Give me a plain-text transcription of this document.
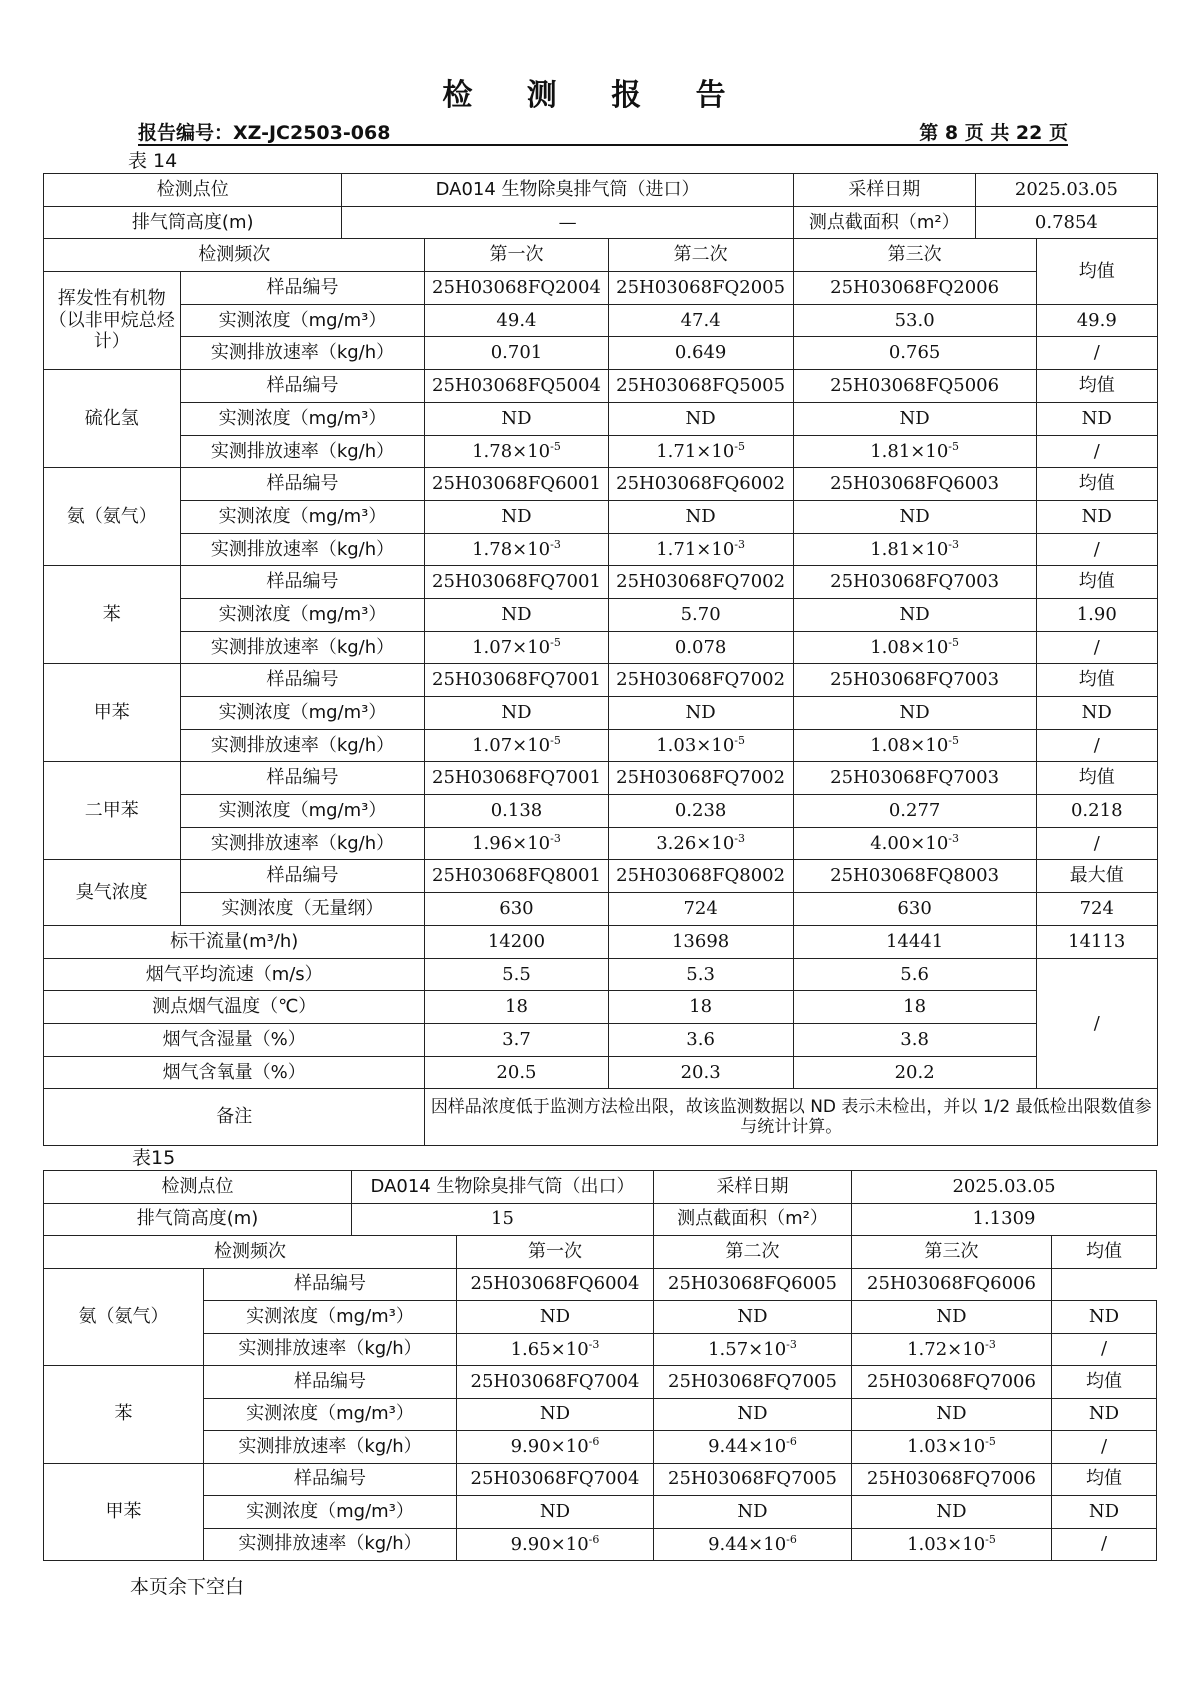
检 测 报 告
报告编号：XZ-JC2503-068	第 8 页 共 22 页
表 14
检测点位		DA014 生物除臭排气筒（进口）			采样日期	2025.03.05	
排气筒高度(m)		—			测点截面积（m²）	0.7854	
检测频次			第一次	第二次	第三次		均值
挥发性有机物（以非甲烷总烃计）	样品编号		25H03068FQ2004	25H03068FQ2005	25H03068FQ2006		
	实测浓度（mg/m³）		49.4	47.4	53.0		49.9
	实测排放速率（kg/h）		0.701	0.649	0.765		/
硫化氢	样品编号		25H03068FQ5004	25H03068FQ5005	25H03068FQ5006		均值
	实测浓度（mg/m³）		ND	ND	ND		ND
	实测排放速率（kg/h）		$1.78\times 10^{-5}$	$1.71\times 10^{-5}$	$1.81\times 10^{-5}$		/
氨（氨气）	样品编号		25H03068FQ6001	25H03068FQ6002	25H03068FQ6003		均值
	实测浓度（mg/m³）		ND	ND	ND		ND
	实测排放速率（kg/h）		$1.78\times 10^{-3}$	$1.71\times 10^{-3}$	$1.81\times 10^{-3}$		/
苯	样品编号		25H03068FQ7001	25H03068FQ7002	25H03068FQ7003		均值
	实测浓度（mg/m³）		ND	5.70	ND		1.90
	实测排放速率（kg/h）		$1.07\times 10^{-5}$	0.078	$1.08\times 10^{-5}$		/
甲苯	样品编号		25H03068FQ7001	25H03068FQ7002	25H03068FQ7003		均值
	实测浓度（mg/m³）		ND	ND	ND		ND
	实测排放速率（kg/h）		$1.07\times 10^{-5}$	$1.03\times 10^{-5}$	$1.08\times 10^{-5}$		/
二甲苯	样品编号		25H03068FQ7001	25H03068FQ7002	25H03068FQ7003		均值
	实测浓度（mg/m³）		0.138	0.238	0.277		0.218
	实测排放速率（kg/h）		$1.96\times 10^{-3}$	$3.26\times 10^{-3}$	$4.00\times 10^{-3}$		/
臭气浓度	样品编号		25H03068FQ8001	25H03068FQ8002	25H03068FQ8003		最大值
	实测浓度（无量纲）		630	724	630		724
标干流量(m³/h)			14200	13698	14441		14113
烟气平均流速（m/s）			5.5	5.3	5.6		/
测点烟气温度（℃）			18	18	18		
烟气含湿量（%）			3.7	3.6	3.8		
烟气含氧量（%）			20.5	20.3	20.2		
备注			因样品浓度低于监测方法检出限，故该监测数据以 ND 表示未检出，并以 1/2 最低检出限数值参与统计计算。				
表15
检测点位		DA014 生物除臭排气筒（出口）		采样日期	2025.03.05	
排气筒高度(m)		15		测点截面积（m²）	1.1309	
检测频次			第一次	第二次	第三次	均值
氨（氨气）	样品编号		25H03068FQ6004	25H03068FQ6005	25H03068FQ6006	
	实测浓度（mg/m³）		ND	ND	ND	ND
	实测排放速率（kg/h）		$1.65\times 10^{-3}$	$1.57\times 10^{-3}$	$1.72\times 10^{-3}$	/
苯	样品编号		25H03068FQ7004	25H03068FQ7005	25H03068FQ7006	均值
	实测浓度（mg/m³）		ND	ND	ND	ND
	实测排放速率（kg/h）		$9.90\times 10^{-6}$	$9.44\times 10^{-6}$	$1.03\times 10^{-5}$	/
甲苯	样品编号		25H03068FQ7004	25H03068FQ7005	25H03068FQ7006	均值
	实测浓度（mg/m³）		ND	ND	ND	ND
	实测排放速率（kg/h）		$9.90\times 10^{-6}$	$9.44\times 10^{-6}$	$1.03\times 10^{-5}$	/
本页余下空白
